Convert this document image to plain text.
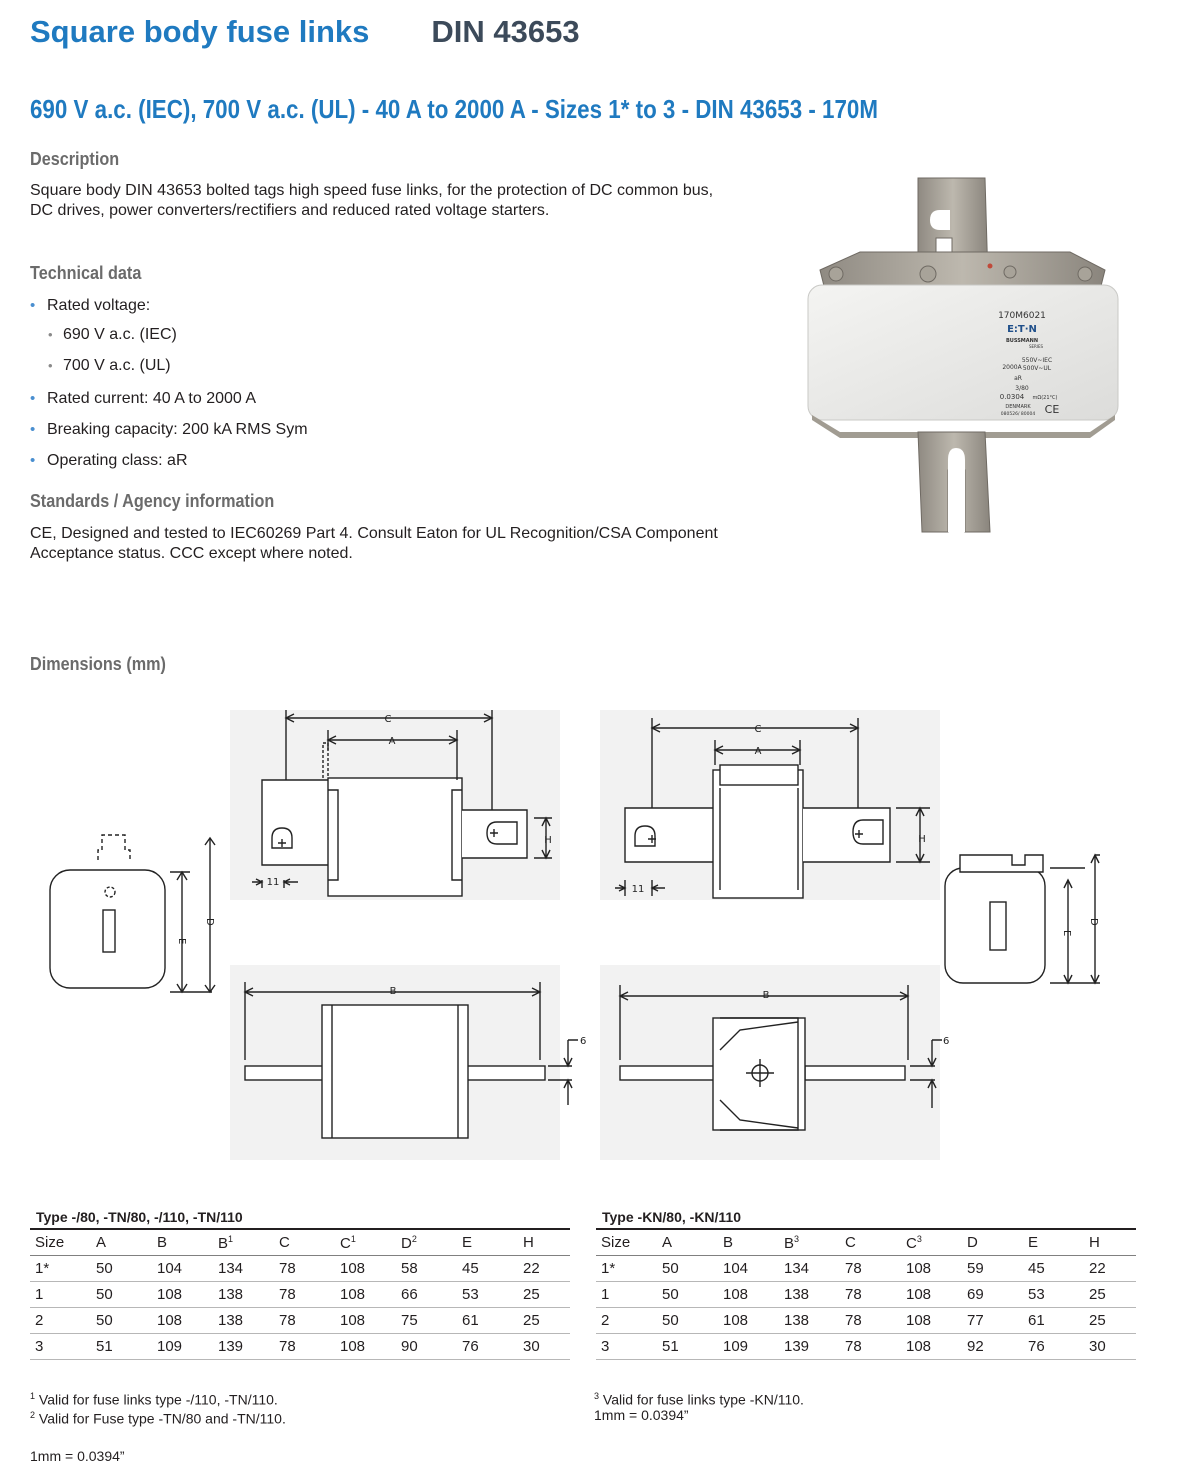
Square body fuse links DIN 43653
690 V a.c. (IEC), 700 V a.c. (UL) - 40 A to 2000 A - Sizes 1* to 3 - DIN 43653 - 170M
Description
Square body DIN 43653 bolted tags high speed fuse links, for the protection of DC common bus, DC drives, power converters/rectifiers and reduced rated voltage starters.
Technical data
• Rated voltage:
• 690 V a.c. (IEC)
• 700 V a.c. (UL)
• Rated current: 40 A to 2000 A
• Breaking capacity: 200 kA RMS Sym
• Operating class: aR
Standards / Agency information
CE, Designed and tested to IEC60269 Part 4. Consult Eaton for UL Recognition/CSA Component Acceptance status. CCC except where noted.
170M6021
E:T·N
BUSSMANN
SERIES
2000A
550V~IEC
500V~UL
aR
3/80
0.0304 mΩ(21°C)
DENMARK
080526/ 80004 CE
Dimensions (mm)
D
E
C
A
H
11
B
6
C
A
H
11
D
E
B
6
Type -/80, -TN/80, -/110, -TN/110
Size	A	B	$B^1$	C	$C^1$	$D^2$	E	H
1*	50	104	134	78	108	58	45	22
1	50	108	138	78	108	66	53	25
2	50	108	138	78	108	75	61	25
3	51	109	139	78	108	90	76	30
Type -KN/80, -KN/110
Size	A	B	$B^3$	C	$C^3$	D	E	H
1*	50	104	134	78	108	59	45	22
1	50	108	138	78	108	69	53	25
2	50	108	138	78	108	77	61	25
3	51	109	139	78	108	92	76	30
$^1$ Valid for fuse links type -/110, -TN/110.
$^2$ Valid for Fuse type -TN/80 and -TN/110.
1mm = 0.0394”
$^3$ Valid for fuse links type -KN/110.
1mm = 0.0394”
